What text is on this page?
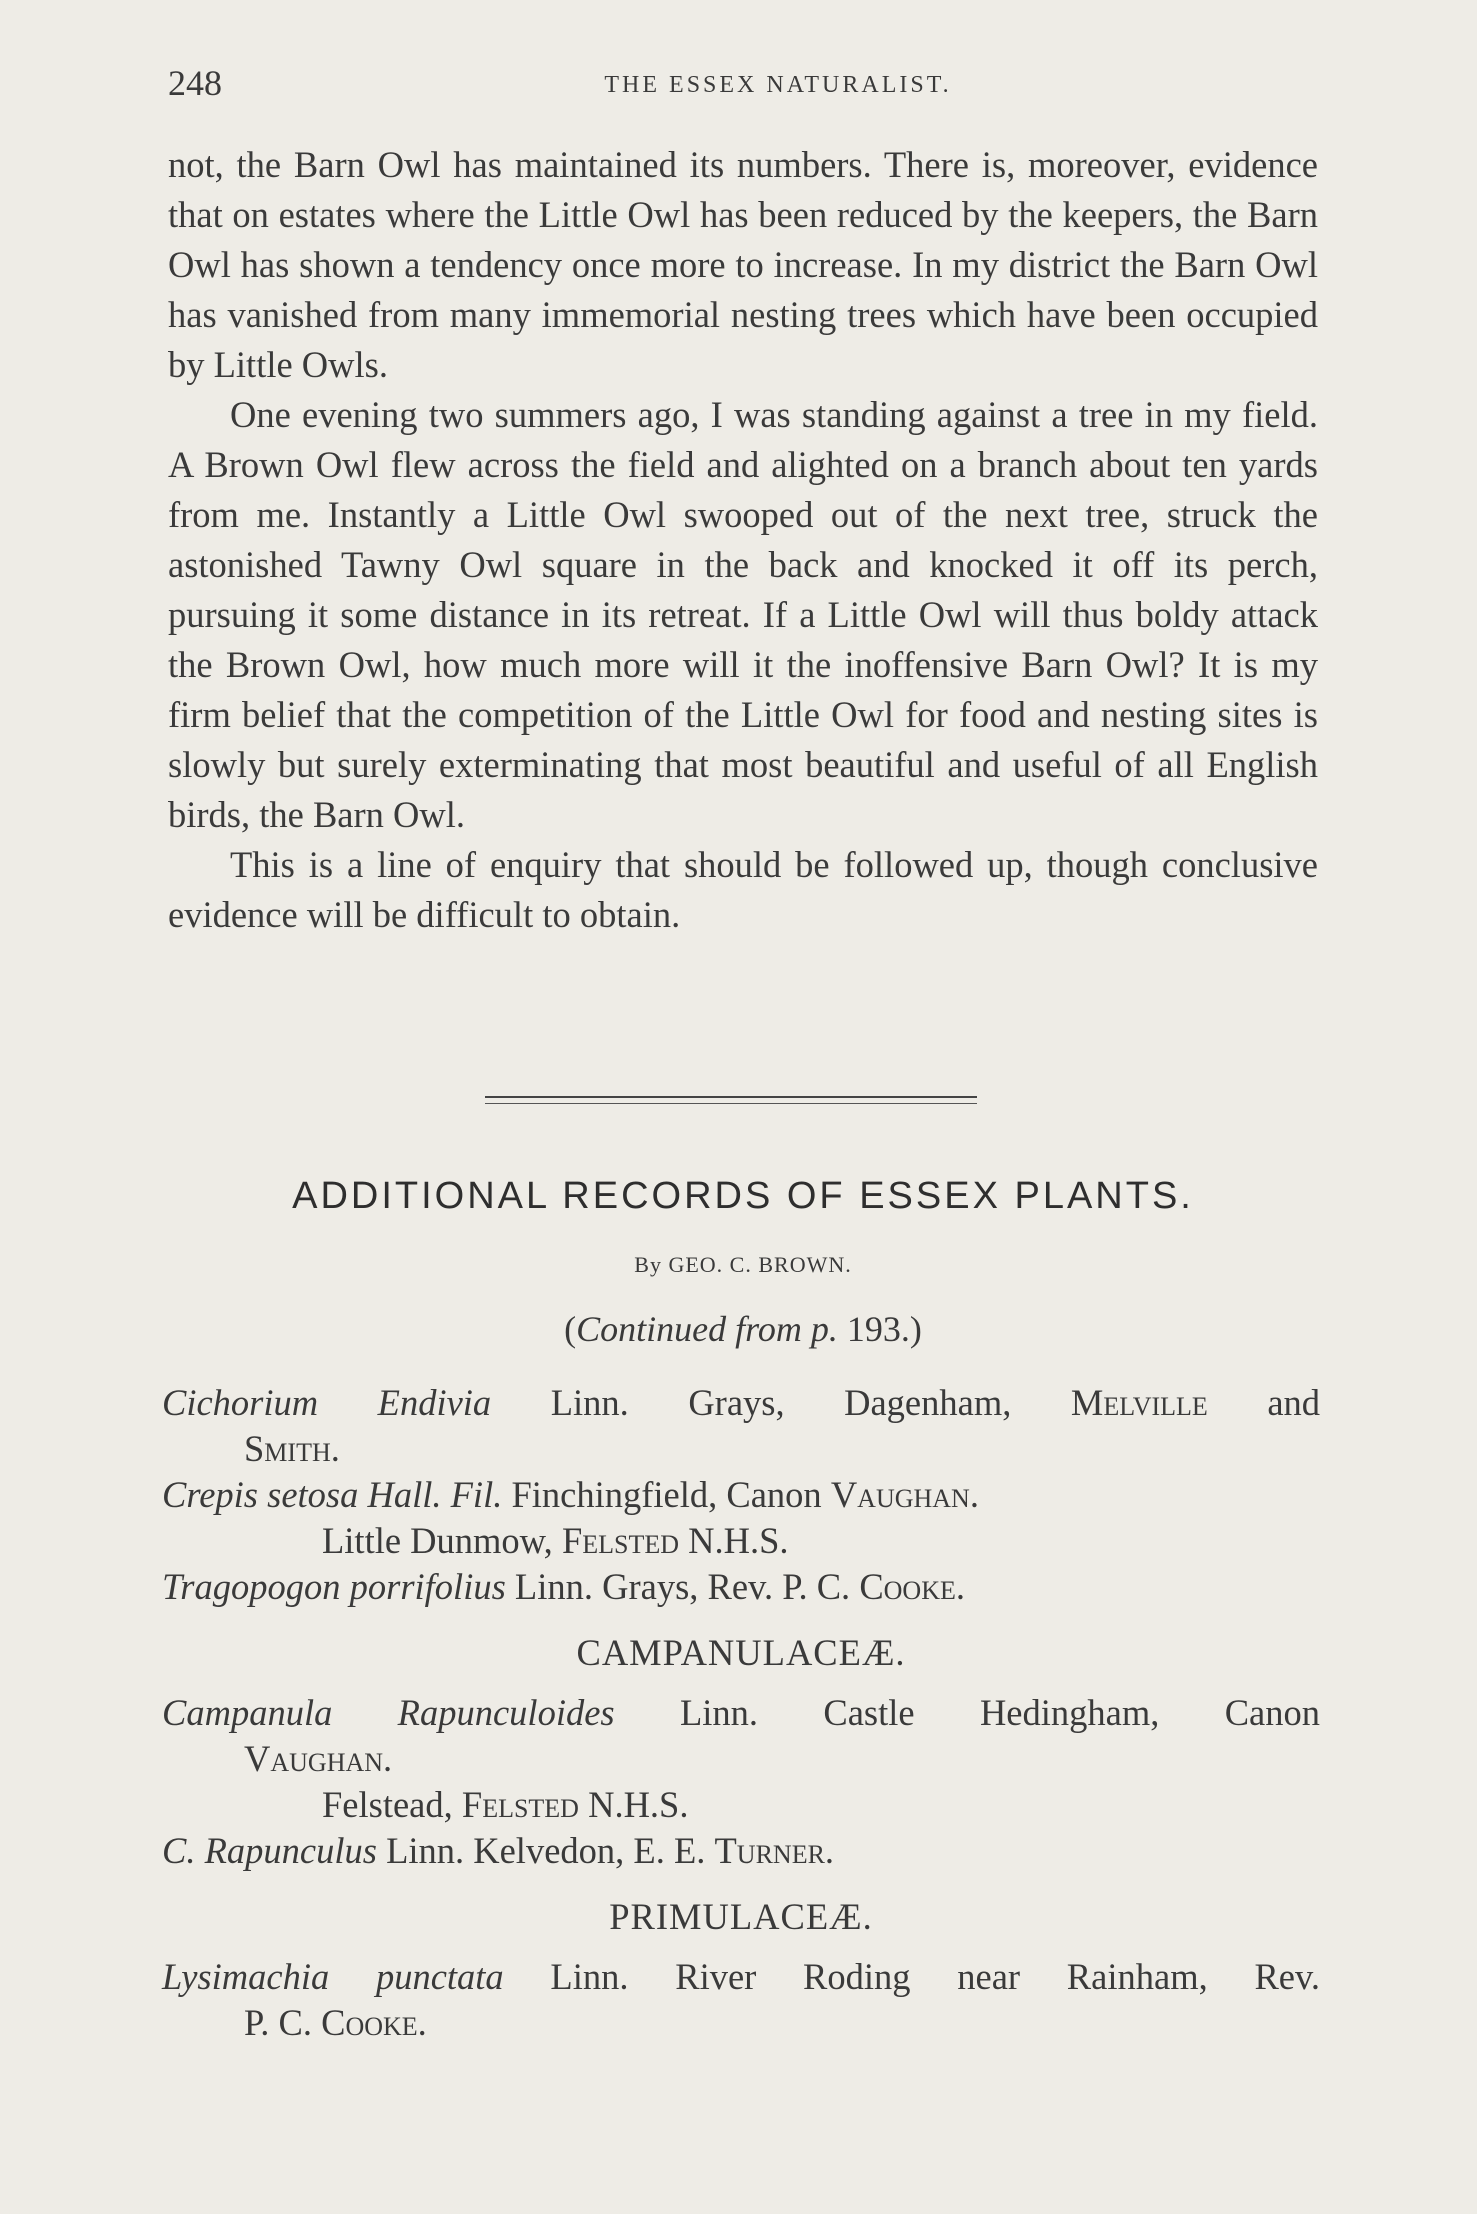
248	THE ESSEX NATURALIST.

not, the Barn Owl has maintained its numbers. There is, moreover, evidence that on estates where the Little Owl has been reduced by the keepers, the Barn Owl has shown a tendency once more to increase. In my district the Barn Owl has vanished from many immemorial nesting trees which have been occupied by Little Owls.

One evening two summers ago, I was standing against a tree in my field. A Brown Owl flew across the field and alighted on a branch about ten yards from me. Instantly a Little Owl swooped out of the next tree, struck the astonished Tawny Owl square in the back and knocked it off its perch, pursuing it some distance in its retreat. If a Little Owl will thus boldy attack the Brown Owl, how much more will it the inoffensive Barn Owl? It is my firm belief that the competition of the Little Owl for food and nesting sites is slowly but surely exterminating that most beautiful and useful of all English birds, the Barn Owl.

This is a line of enquiry that should be followed up, though conclusive evidence will be difficult to obtain.

ADDITIONAL RECORDS OF ESSEX PLANTS.
By GEO. C. BROWN.
(Continued from p. 193.)
Cichorium Endivia Linn. Grays, Dagenham, Melville and
Smith.
Crepis setosa Hall. Fil. Finchingfield, Canon Vaughan.
Little Dunmow, Felsted N.H.S.
Tragopogon porrifolius Linn. Grays, Rev. P. C. Cooke.
CAMPANULACEÆ.
Campanula Rapunculoides Linn. Castle Hedingham, Canon
Vaughan.
Felstead, Felsted N.H.S.
C. Rapunculus Linn. Kelvedon, E. E. Turner.
PRIMULACEÆ.
Lysimachia punctata Linn. River Roding near Rainham, Rev.
P. C. Cooke.
